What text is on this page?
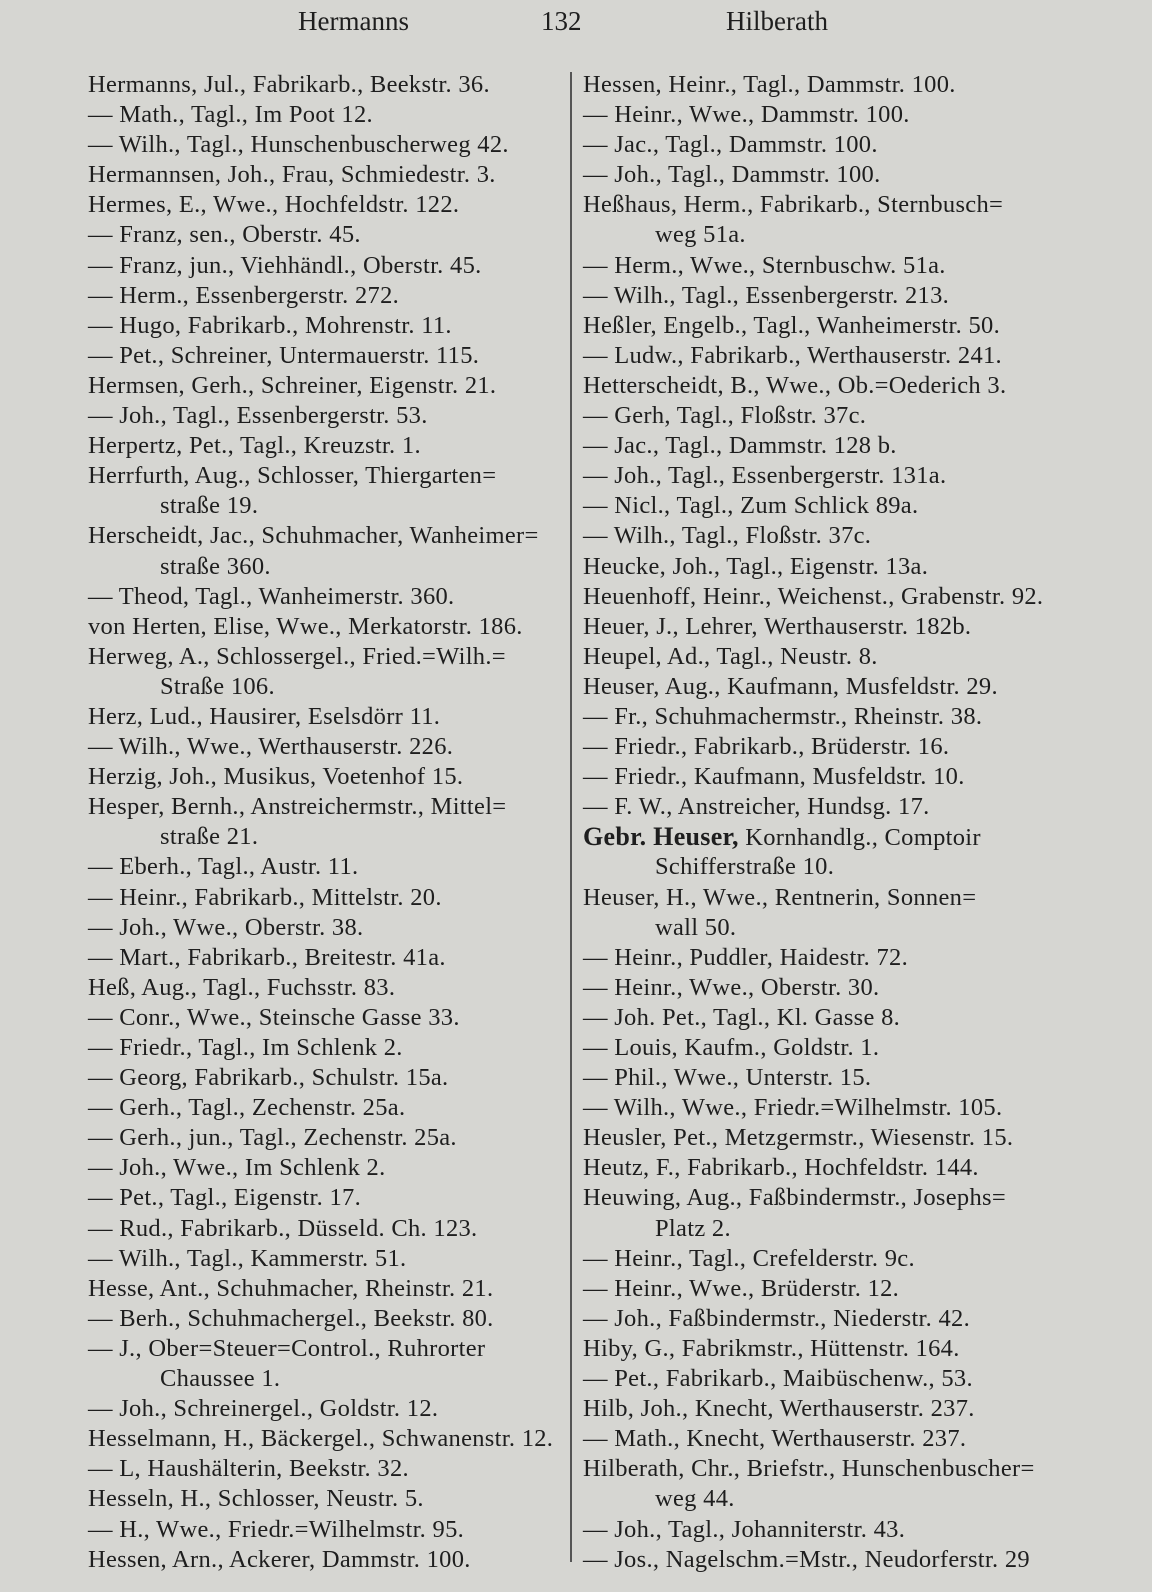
Hermanns	132	Hilberath
Hermanns, Jul., Fabrikarb., Beekstr. 36.
— Math., Tagl., Im Poot 12.
— Wilh., Tagl., Hunschenbuscherweg 42.
Hermannsen, Joh., Frau, Schmiedestr. 3.
Hermes, E., Wwe., Hochfeldstr. 122.
— Franz, sen., Oberstr. 45.
— Franz, jun., Viehhändl., Oberstr. 45.
— Herm., Essenbergerstr. 272.
— Hugo, Fabrikarb., Mohrenstr. 11.
— Pet., Schreiner, Untermauerstr. 115.
Hermsen, Gerh., Schreiner, Eigenstr. 21.
— Joh., Tagl., Essenbergerstr. 53.
Herpertz, Pet., Tagl., Kreuzstr. 1.
Herrfurth, Aug., Schlosser, Thiergarten=
straße 19.
Herscheidt, Jac., Schuhmacher, Wanheimer=
straße 360.
— Theod, Tagl., Wanheimerstr. 360.
von Herten, Elise, Wwe., Merkatorstr. 186.
Herweg, A., Schlossergel., Fried.=Wilh.=
Straße 106.
Herz, Lud., Hausirer, Eselsdörr 11.
— Wilh., Wwe., Werthauserstr. 226.
Herzig, Joh., Musikus, Voetenhof 15.
Hesper, Bernh., Anstreichermstr., Mittel=
straße 21.
— Eberh., Tagl., Austr. 11.
— Heinr., Fabrikarb., Mittelstr. 20.
— Joh., Wwe., Oberstr. 38.
— Mart., Fabrikarb., Breitestr. 41a.
Heß, Aug., Tagl., Fuchsstr. 83.
— Conr., Wwe., Steinsche Gasse 33.
— Friedr., Tagl., Im Schlenk 2.
— Georg, Fabrikarb., Schulstr. 15a.
— Gerh., Tagl., Zechenstr. 25a.
— Gerh., jun., Tagl., Zechenstr. 25a.
— Joh., Wwe., Im Schlenk 2.
— Pet., Tagl., Eigenstr. 17.
— Rud., Fabrikarb., Düsseld. Ch. 123.
— Wilh., Tagl., Kammerstr. 51.
Hesse, Ant., Schuhmacher, Rheinstr. 21.
— Berh., Schuhmachergel., Beekstr. 80.
— J., Ober=Steuer=Control., Ruhrorter
Chaussee 1.
— Joh., Schreinergel., Goldstr. 12.
Hesselmann, H., Bäckergel., Schwanenstr. 12.
— L, Haushälterin, Beekstr. 32.
Hesseln, H., Schlosser, Neustr. 5.
— H., Wwe., Friedr.=Wilhelmstr. 95.
Hessen, Arn., Ackerer, Dammstr. 100.
Hessen, Heinr., Tagl., Dammstr. 100.
— Heinr., Wwe., Dammstr. 100.
— Jac., Tagl., Dammstr. 100.
— Joh., Tagl., Dammstr. 100.
Heßhaus, Herm., Fabrikarb., Sternbusch=
weg 51a.
— Herm., Wwe., Sternbuschw. 51a.
— Wilh., Tagl., Essenbergerstr. 213.
Heßler, Engelb., Tagl., Wanheimerstr. 50.
— Ludw., Fabrikarb., Werthauserstr. 241.
Hetterscheidt, B., Wwe., Ob.=Oederich 3.
— Gerh, Tagl., Floßstr. 37c.
— Jac., Tagl., Dammstr. 128 b.
— Joh., Tagl., Essenbergerstr. 131a.
— Nicl., Tagl., Zum Schlick 89a.
— Wilh., Tagl., Floßstr. 37c.
Heucke, Joh., Tagl., Eigenstr. 13a.
Heuenhoff, Heinr., Weichenst., Grabenstr. 92.
Heuer, J., Lehrer, Werthauserstr. 182b.
Heupel, Ad., Tagl., Neustr. 8.
Heuser, Aug., Kaufmann, Musfeldstr. 29.
— Fr., Schuhmachermstr., Rheinstr. 38.
— Friedr., Fabrikarb., Brüderstr. 16.
— Friedr., Kaufmann, Musfeldstr. 10.
— F. W., Anstreicher, Hundsg. 17.
Gebr. Heuser, Kornhandlg., Comptoir
Schifferstraße 10.
Heuser, H., Wwe., Rentnerin, Sonnen=
wall 50.
— Heinr., Puddler, Haidestr. 72.
— Heinr., Wwe., Oberstr. 30.
— Joh. Pet., Tagl., Kl. Gasse 8.
— Louis, Kaufm., Goldstr. 1.
— Phil., Wwe., Unterstr. 15.
— Wilh., Wwe., Friedr.=Wilhelmstr. 105.
Heusler, Pet., Metzgermstr., Wiesenstr. 15.
Heutz, F., Fabrikarb., Hochfeldstr. 144.
Heuwing, Aug., Faßbindermstr., Josephs=
Platz 2.
— Heinr., Tagl., Crefelderstr. 9c.
— Heinr., Wwe., Brüderstr. 12.
— Joh., Faßbindermstr., Niederstr. 42.
Hiby, G., Fabrikmstr., Hüttenstr. 164.
— Pet., Fabrikarb., Maibüschenw., 53.
Hilb, Joh., Knecht, Werthauserstr. 237.
— Math., Knecht, Werthauserstr. 237.
Hilberath, Chr., Briefstr., Hunschenbuscher=
weg 44.
— Joh., Tagl., Johanniterstr. 43.
— Jos., Nagelschm.=Mstr., Neudorferstr. 29
